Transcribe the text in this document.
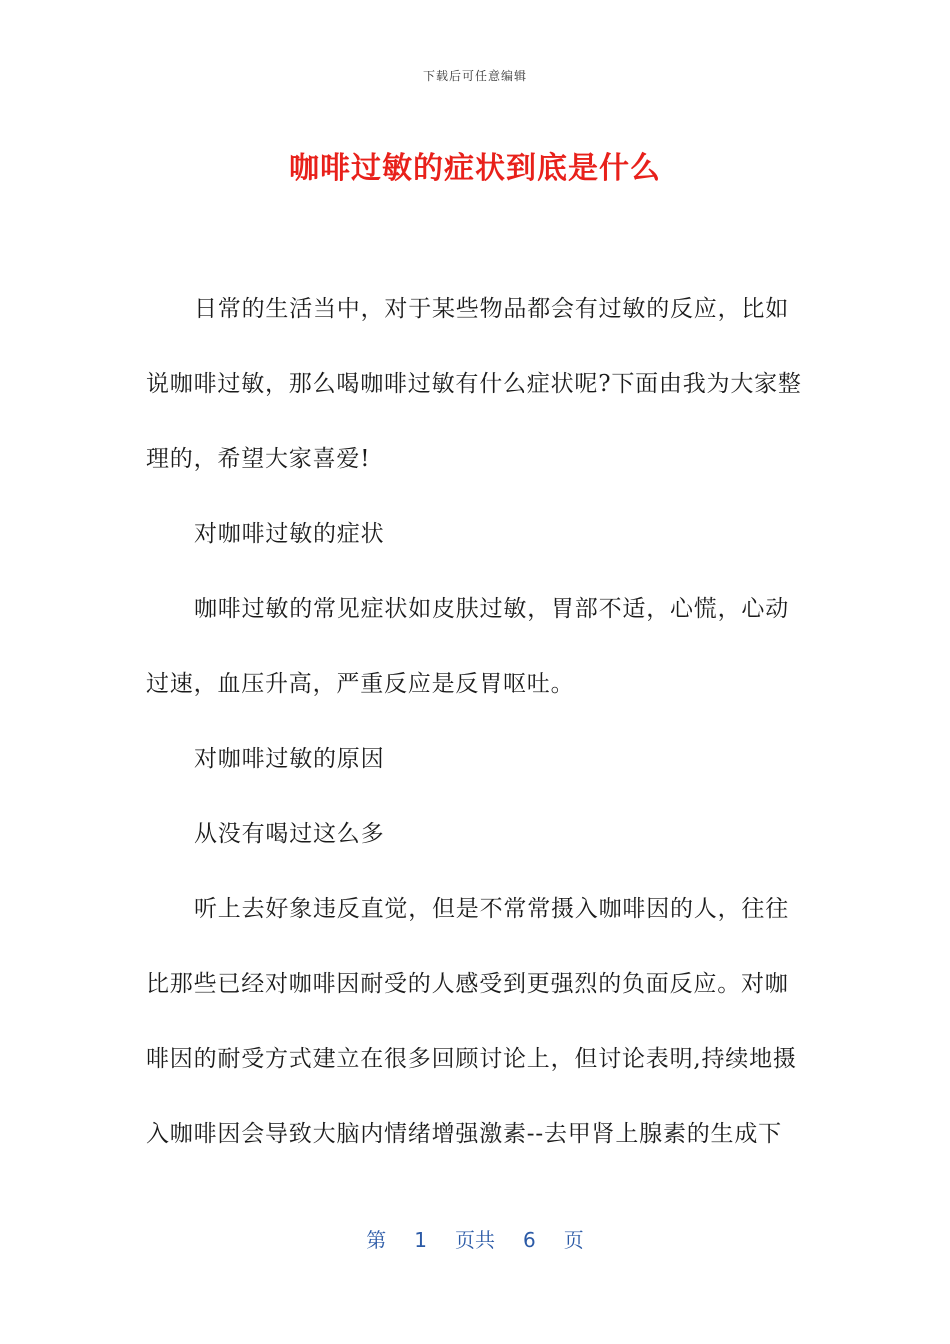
下载后可任意编辑
咖啡过敏的症状到底是什么

日常的生活当中，对于某些物品都会有过敏的反应，比如说咖啡过敏，那么喝咖啡过敏有什么症状呢?下面由我为大家整理的，希望大家喜爱!

对咖啡过敏的症状

咖啡过敏的常见症状如皮肤过敏，胃部不适，心慌，心动过速，血压升高，严重反应是反胃呕吐。

对咖啡过敏的原因

从没有喝过这么多

听上去好象违反直觉，但是不常常摄入咖啡因的人，往往比那些已经对咖啡因耐受的人感受到更强烈的负面反应。对咖啡因的耐受方式建立在很多回顾讨论上，但讨论表明,持续地摄入咖啡因会导致大脑内情绪增强激素--去甲肾上腺素的生成下

第 1 页共 6 页
